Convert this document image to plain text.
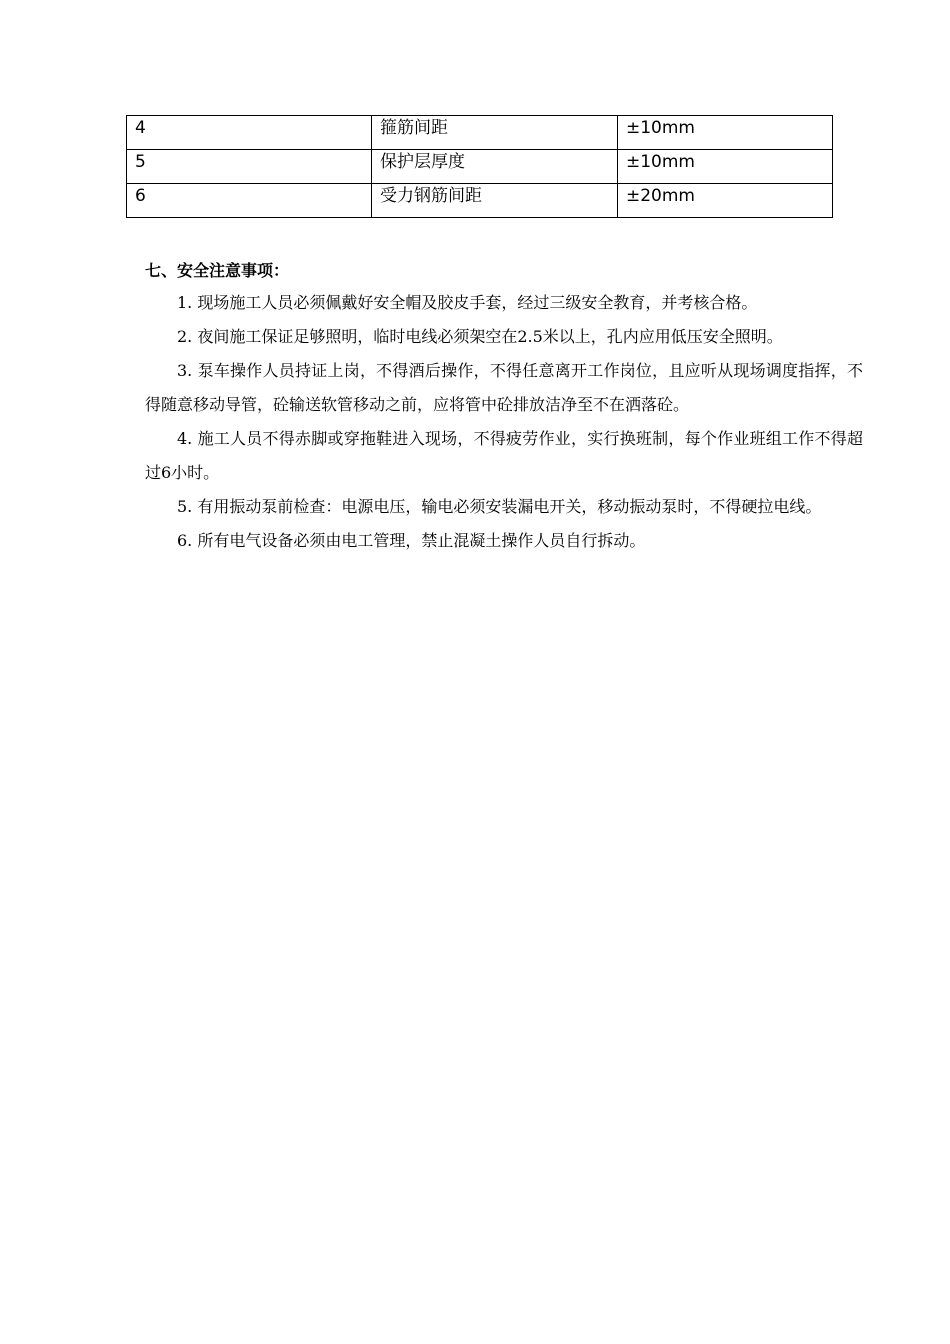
4	箍筋间距	±10mm
5	保护层厚度	±10mm
6	受力钢筋间距	±20mm

七、安全注意事项：

1. 现场施工人员必须佩戴好安全帽及胶皮手套，经过三级安全教育，并考核合格。

2. 夜间施工保证足够照明，临时电线必须架空在2.5米以上，孔内应用低压安全照明。

3. 泵车操作人员持证上岗，不得酒后操作，不得任意离开工作岗位，且应听从现场调度指挥，不得随意移动导管，砼输送软管移动之前，应将管中砼排放洁净至不在洒落砼。

4. 施工人员不得赤脚或穿拖鞋进入现场，不得疲劳作业，实行换班制，每个作业班组工作不得超过6小时。

5. 有用振动泵前检查：电源电压，输电必须安装漏电开关，移动振动泵时，不得硬拉电线。

6. 所有电气设备必须由电工管理，禁止混凝土操作人员自行拆动。
